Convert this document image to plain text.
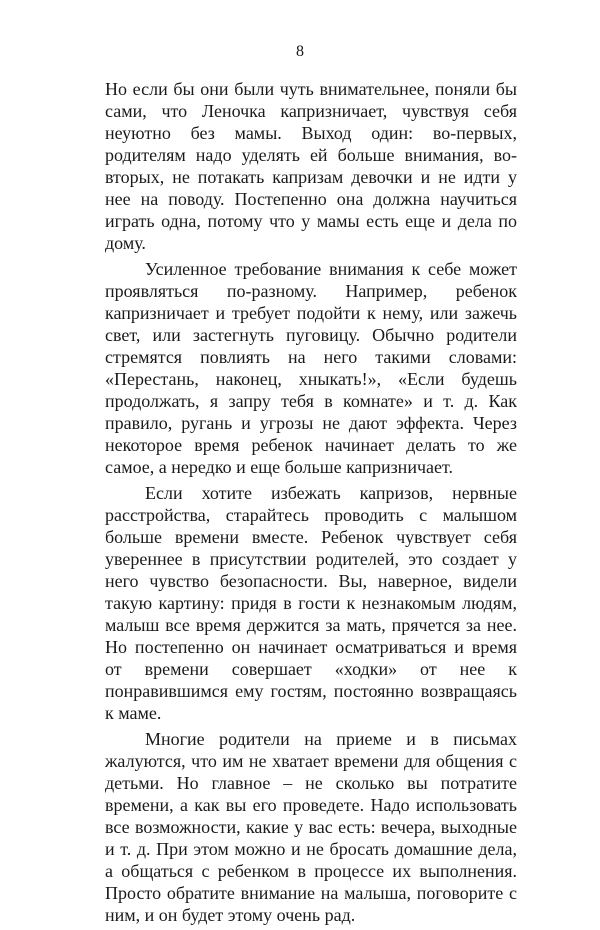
8

Но если бы они были чуть внимательнее, поняли бы сами, что Леночка капризничает, чувствуя себя неуютно без мамы. Выход один: во-первых, родителям надо уделять ей больше внимания, во-вторых, не потакать капризам девочки и не идти у нее на поводу. Постепенно она должна научиться играть одна, потому что у мамы есть еще и дела по дому.

Усиленное требование внимания к себе может проявляться по-разному. Например, ребенок капризничает и требует подойти к нему, или зажечь свет, или застегнуть пуговицу. Обычно родители стремятся повлиять на него такими словами: «Перестань, наконец, хныкать!», «Если будешь продолжать, я запру тебя в комнате» и т. д. Как правило, ругань и угрозы не дают эффекта. Через некоторое время ребенок начинает делать то же самое, а нередко и еще больше капризничает.

Если хотите избежать капризов, нервные расстройства, старайтесь проводить с малышом больше времени вместе. Ребенок чувствует себя увереннее в присутствии родителей, это создает у него чувство безопасности. Вы, наверное, видели такую картину: придя в гости к незнакомым людям, малыш все время держится за мать, прячется за нее. Но постепенно он начинает осматриваться и время от времени совершает «ходки» от нее к понравившимся ему гостям, постоянно возвращаясь к маме.

Многие родители на приеме и в письмах жалуются, что им не хватает времени для общения с детьми. Но главное – не сколько вы потратите времени, а как вы его проведете. Надо использовать все возможности, какие у вас есть: вечера, выходные и т. д. При этом можно и не бросать домашние дела, а общаться с ребенком в процессе их выполнения. Просто обратите внимание на малыша, поговорите с ним, и он будет этому очень рад.
